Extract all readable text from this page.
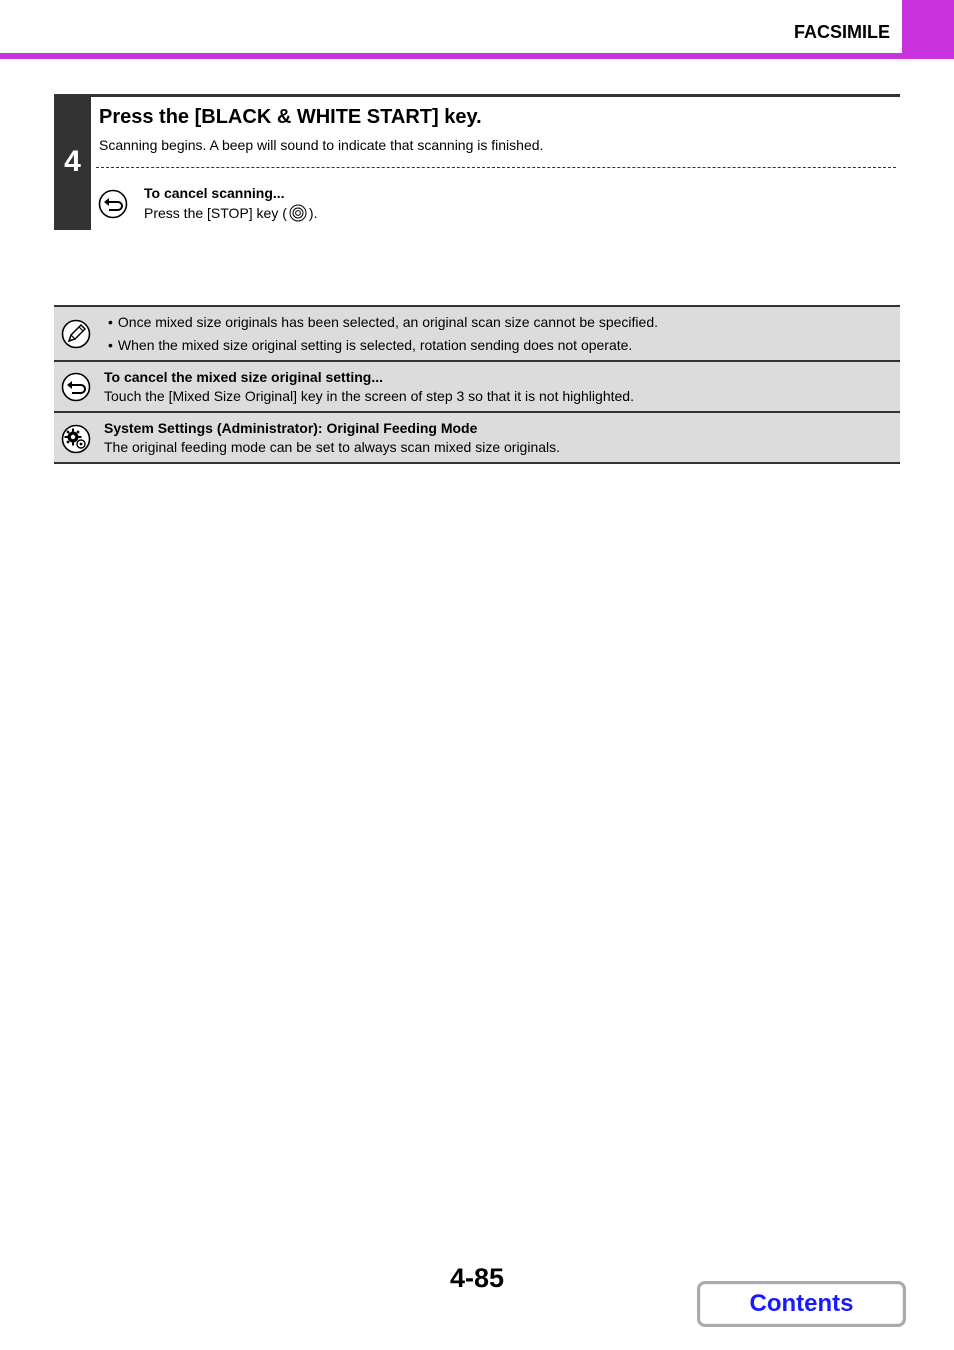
FACSIMILE
4
Press the [BLACK & WHITE START] key.
Scanning begins. A beep will sound to indicate that scanning is finished.
To cancel scanning...
Press the [STOP] key ( ).
• Once mixed size originals has been selected, an original scan size cannot be specified.
• When the mixed size original setting is selected, rotation sending does not operate.
To cancel the mixed size original setting...
Touch the [Mixed Size Original] key in the screen of step 3 so that it is not highlighted.
System Settings (Administrator): Original Feeding Mode
The original feeding mode can be set to always scan mixed size originals.
4-85
Contents
